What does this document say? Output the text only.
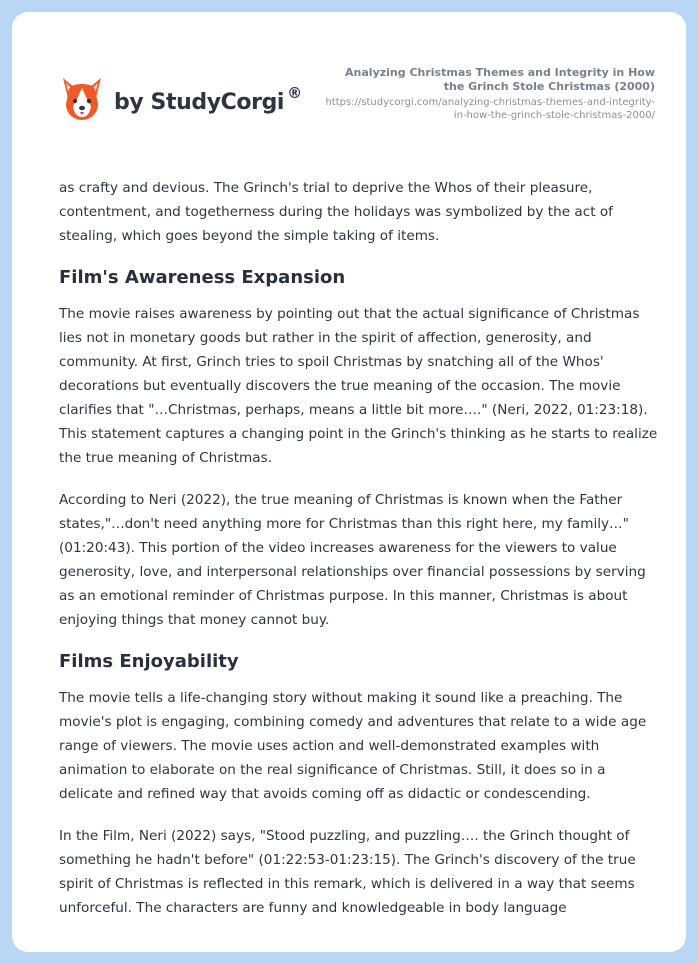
by StudyCorgi ®
Analyzing Christmas Themes and Integrity in How the Grinch Stole Christmas (2000)
https://studycorgi.com/analyzing-christmas-themes-and-integrity-in-how-the-grinch-stole-christmas-2000/

as crafty and devious. The Grinch's trial to deprive the Whos of their pleasure, contentment, and togetherness during the holidays was symbolized by the act of stealing, which goes beyond the simple taking of items.

Film's Awareness Expansion

The movie raises awareness by pointing out that the actual significance of Christmas lies not in monetary goods but rather in the spirit of affection, generosity, and community. At first, Grinch tries to spoil Christmas by snatching all of the Whos' decorations but eventually discovers the true meaning of the occasion. The movie clarifies that "…Christmas, perhaps, means a little bit more…." (Neri, 2022, 01:23:18). This statement captures a changing point in the Grinch's thinking as he starts to realize the true meaning of Christmas.

According to Neri (2022), the true meaning of Christmas is known when the Father states,"…don't need anything more for Christmas than this right here, my family…" (01:20:43). This portion of the video increases awareness for the viewers to value generosity, love, and interpersonal relationships over financial possessions by serving as an emotional reminder of Christmas purpose. In this manner, Christmas is about enjoying things that money cannot buy.

Films Enjoyability

The movie tells a life-changing story without making it sound like a preaching. The movie's plot is engaging, combining comedy and adventures that relate to a wide age range of viewers. The movie uses action and well-demonstrated examples with animation to elaborate on the real significance of Christmas. Still, it does so in a delicate and refined way that avoids coming off as didactic or condescending.

In the Film, Neri (2022) says, "Stood puzzling, and puzzling…. the Grinch thought of something he hadn't before" (01:22:53-01:23:15). The Grinch's discovery of the true spirit of Christmas is reflected in this remark, which is delivered in a way that seems unforceful. The characters are funny and knowledgeable in body language
